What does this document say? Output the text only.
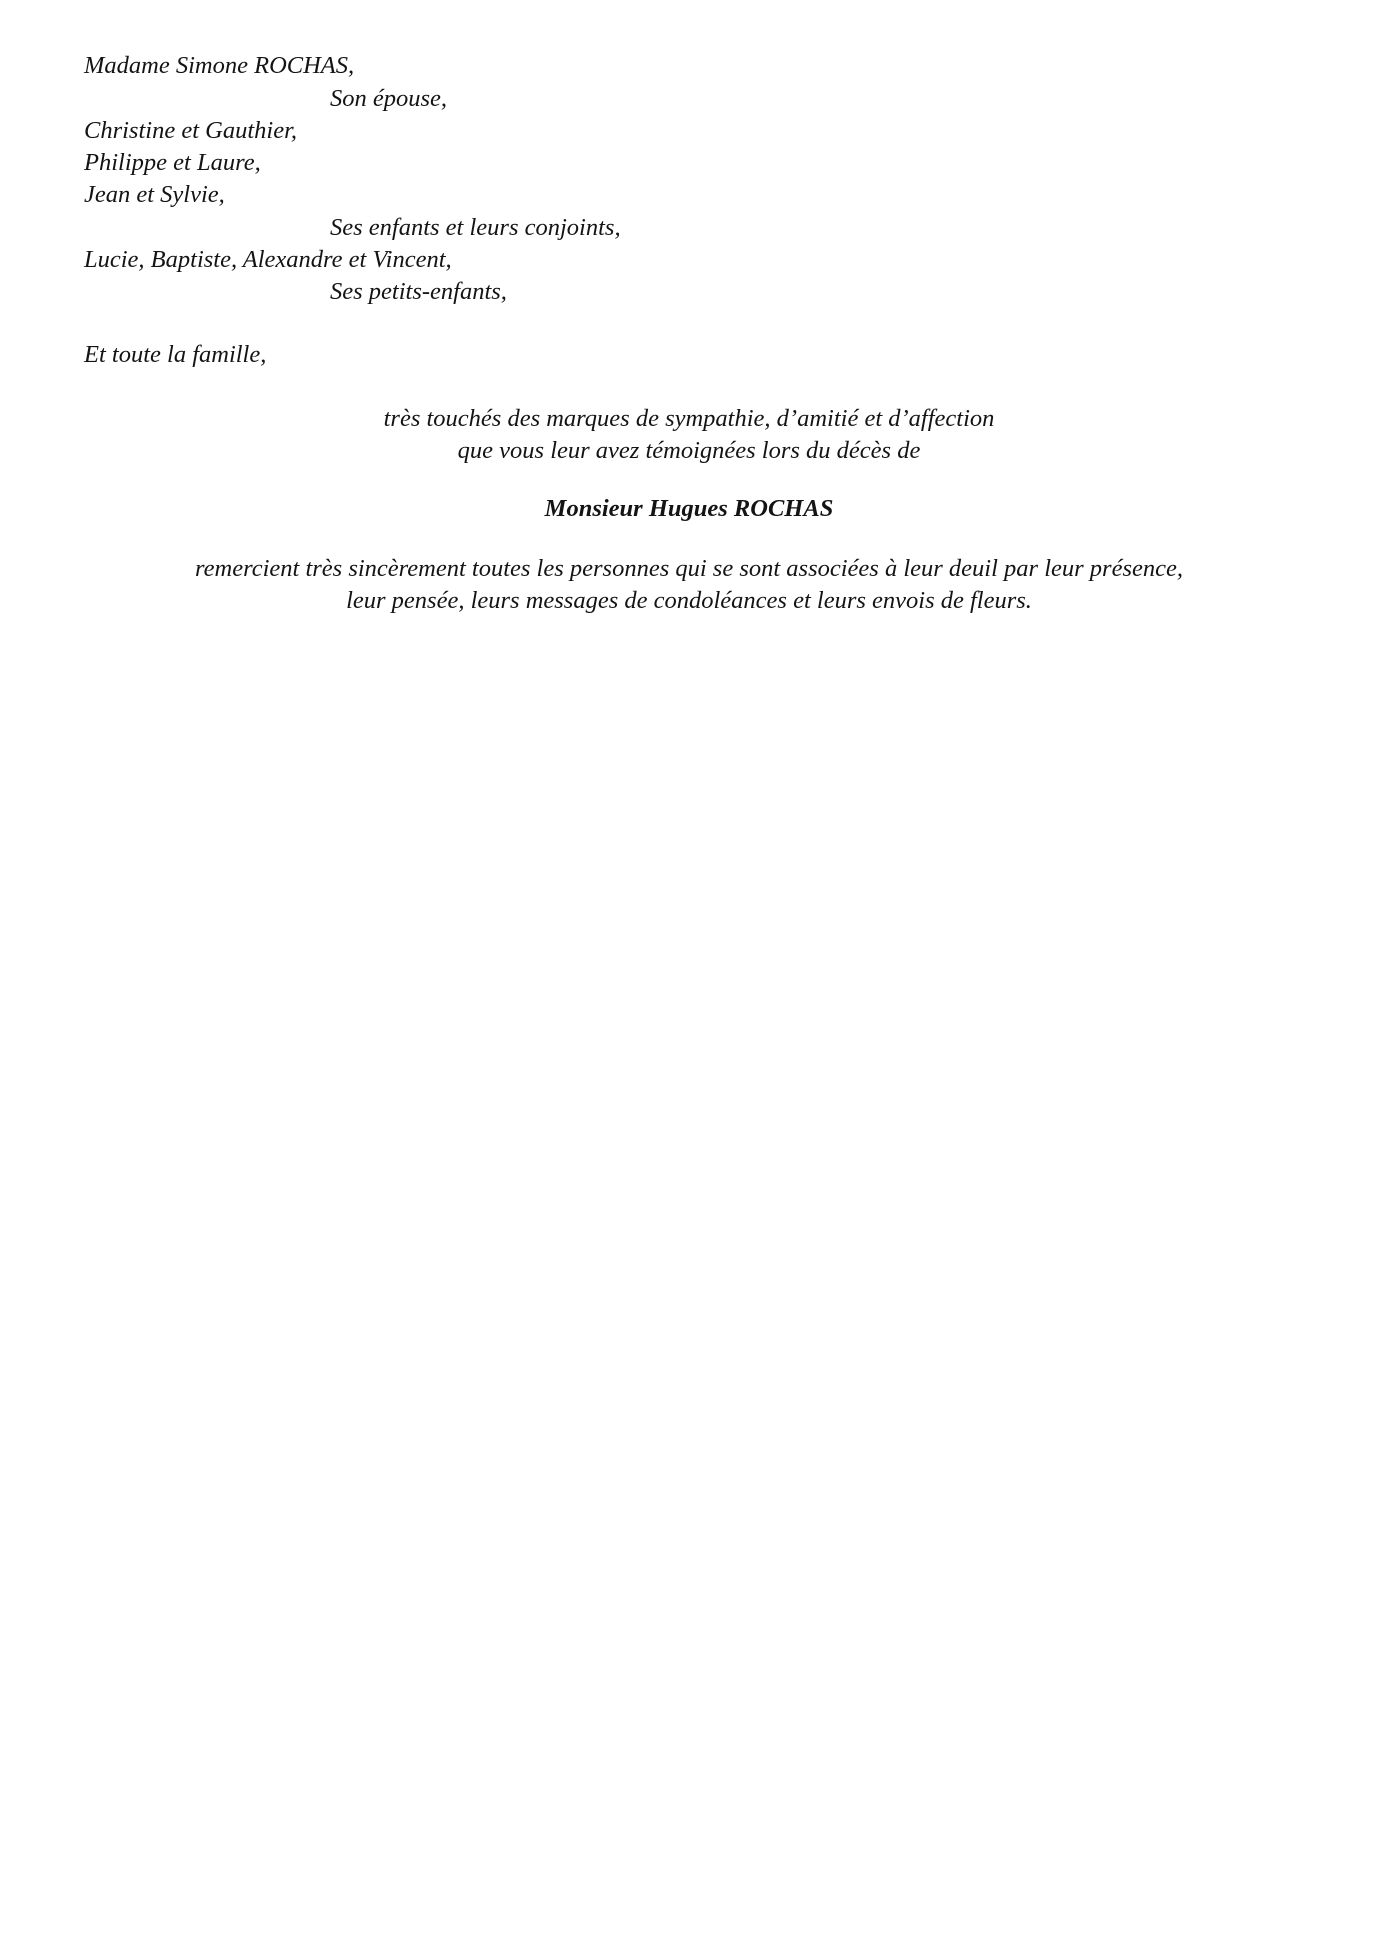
Madame Simone ROCHAS,
Son épouse,
Christine et Gauthier,
Philippe et Laure,
Jean et Sylvie,
Ses enfants et leurs conjoints,
Lucie, Baptiste, Alexandre et Vincent,
Ses petits-enfants,
Et toute la famille,
très touchés des marques de sympathie, d’amitié et d’affection
que vous leur avez témoignées lors du décès de
Monsieur Hugues ROCHAS
remercient très sincèrement toutes les personnes qui se sont associées à leur deuil par leur présence,
leur pensée, leurs messages de condoléances et leurs envois de fleurs.
